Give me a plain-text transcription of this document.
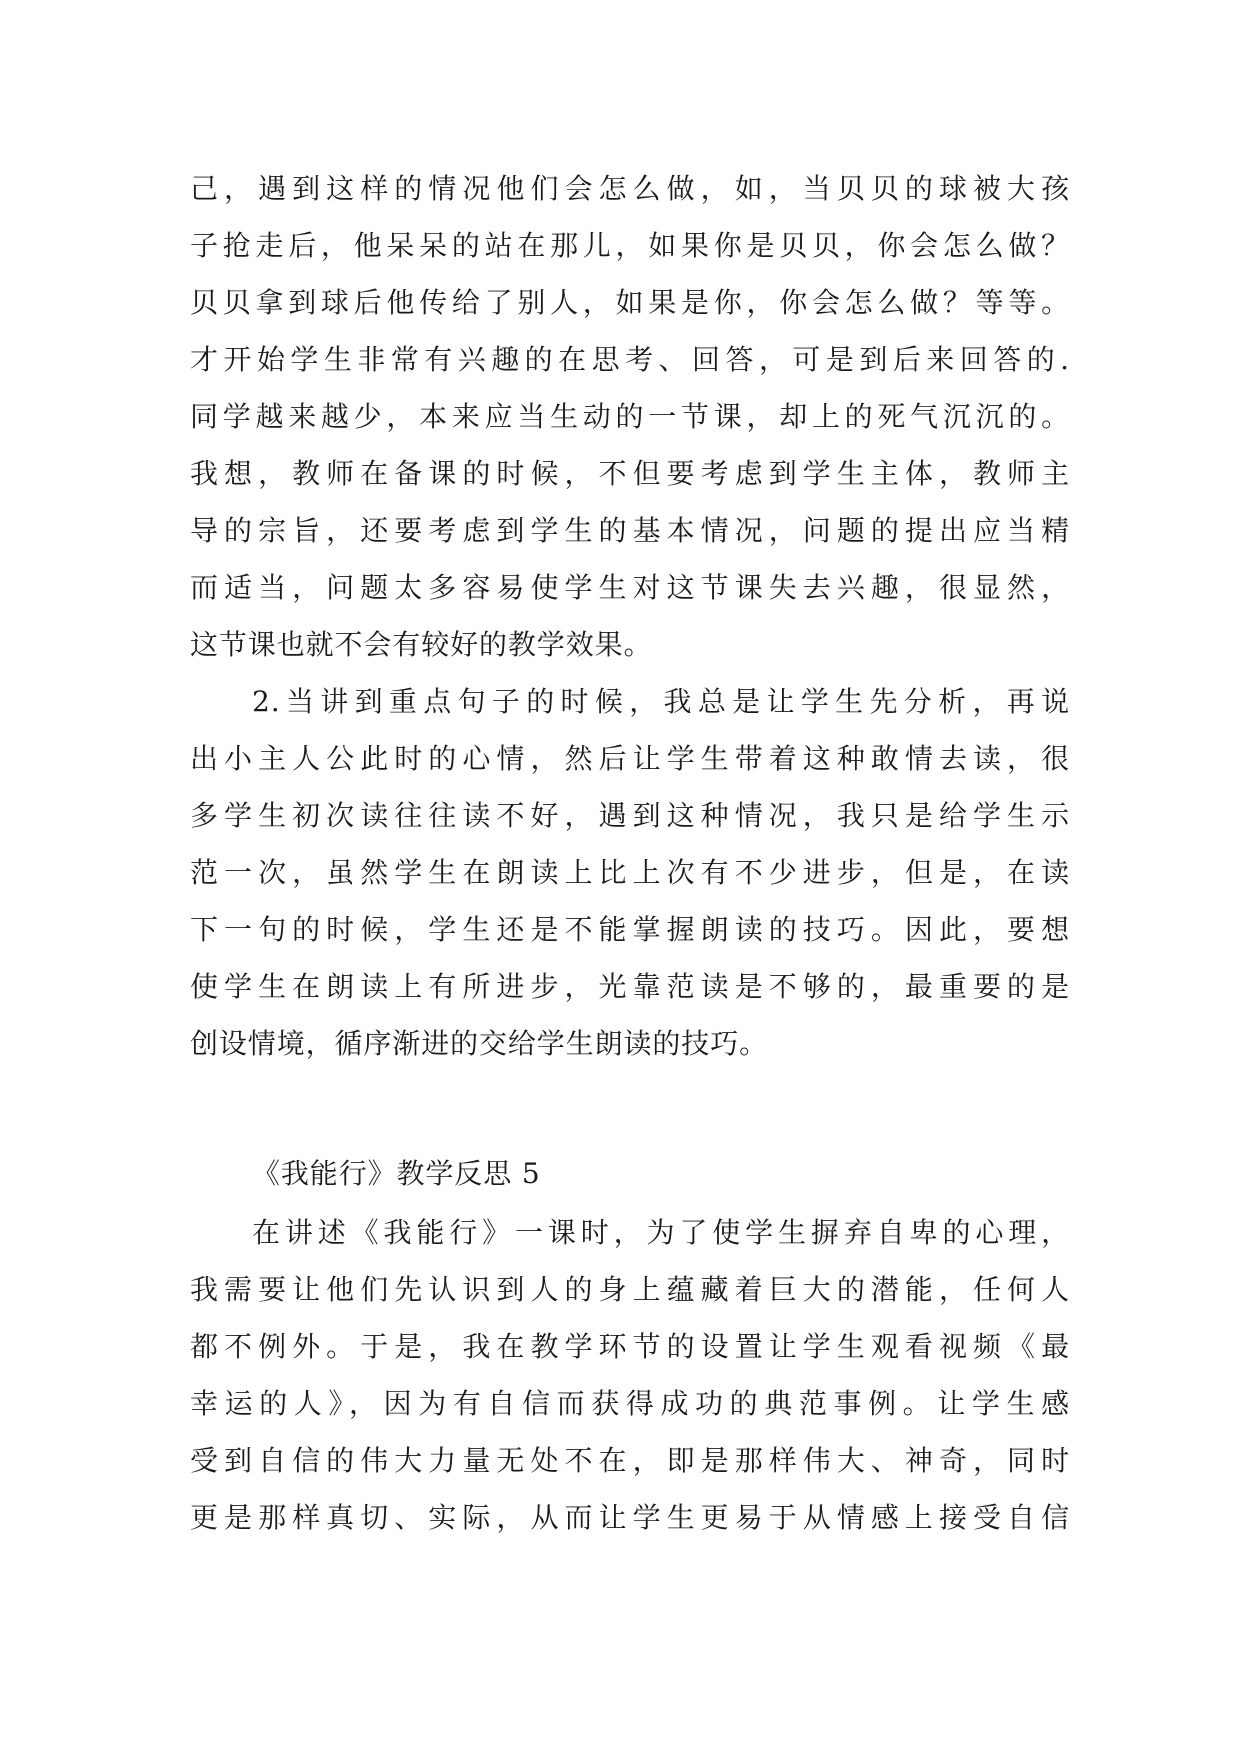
己，遇到这样的情况他们会怎么做，如，当贝贝的球被大孩
子抢走后，他呆呆的站在那儿，如果你是贝贝，你会怎么做？
贝贝拿到球后他传给了别人，如果是你，你会怎么做？等等。
才开始学生非常有兴趣的在思考、回答，可是到后来回答的.
同学越来越少，本来应当生动的一节课，却上的死气沉沉的。
我想，教师在备课的时候，不但要考虑到学生主体，教师主
导的宗旨，还要考虑到学生的基本情况，问题的提出应当精
而适当，问题太多容易使学生对这节课失去兴趣，很显然，
这节课也就不会有较好的教学效果。
2.当讲到重点句子的时候，我总是让学生先分析，再说
出小主人公此时的心情，然后让学生带着这种敢情去读，很
多学生初次读往往读不好，遇到这种情况，我只是给学生示
范一次，虽然学生在朗读上比上次有不少进步，但是，在读
下一句的时候，学生还是不能掌握朗读的技巧。因此，要想
使学生在朗读上有所进步，光靠范读是不够的，最重要的是
创设情境，循序渐进的交给学生朗读的技巧。
《我能行》教学反思 5
在讲述《我能行》一课时，为了使学生摒弃自卑的心理，
我需要让他们先认识到人的身上蕴藏着巨大的潜能，任何人
都不例外。于是，我在教学环节的设置让学生观看视频《最
幸运的人》，因为有自信而获得成功的典范事例。让学生感
受到自信的伟大力量无处不在，即是那样伟大、神奇，同时
更是那样真切、实际，从而让学生更易于从情感上接受自信
